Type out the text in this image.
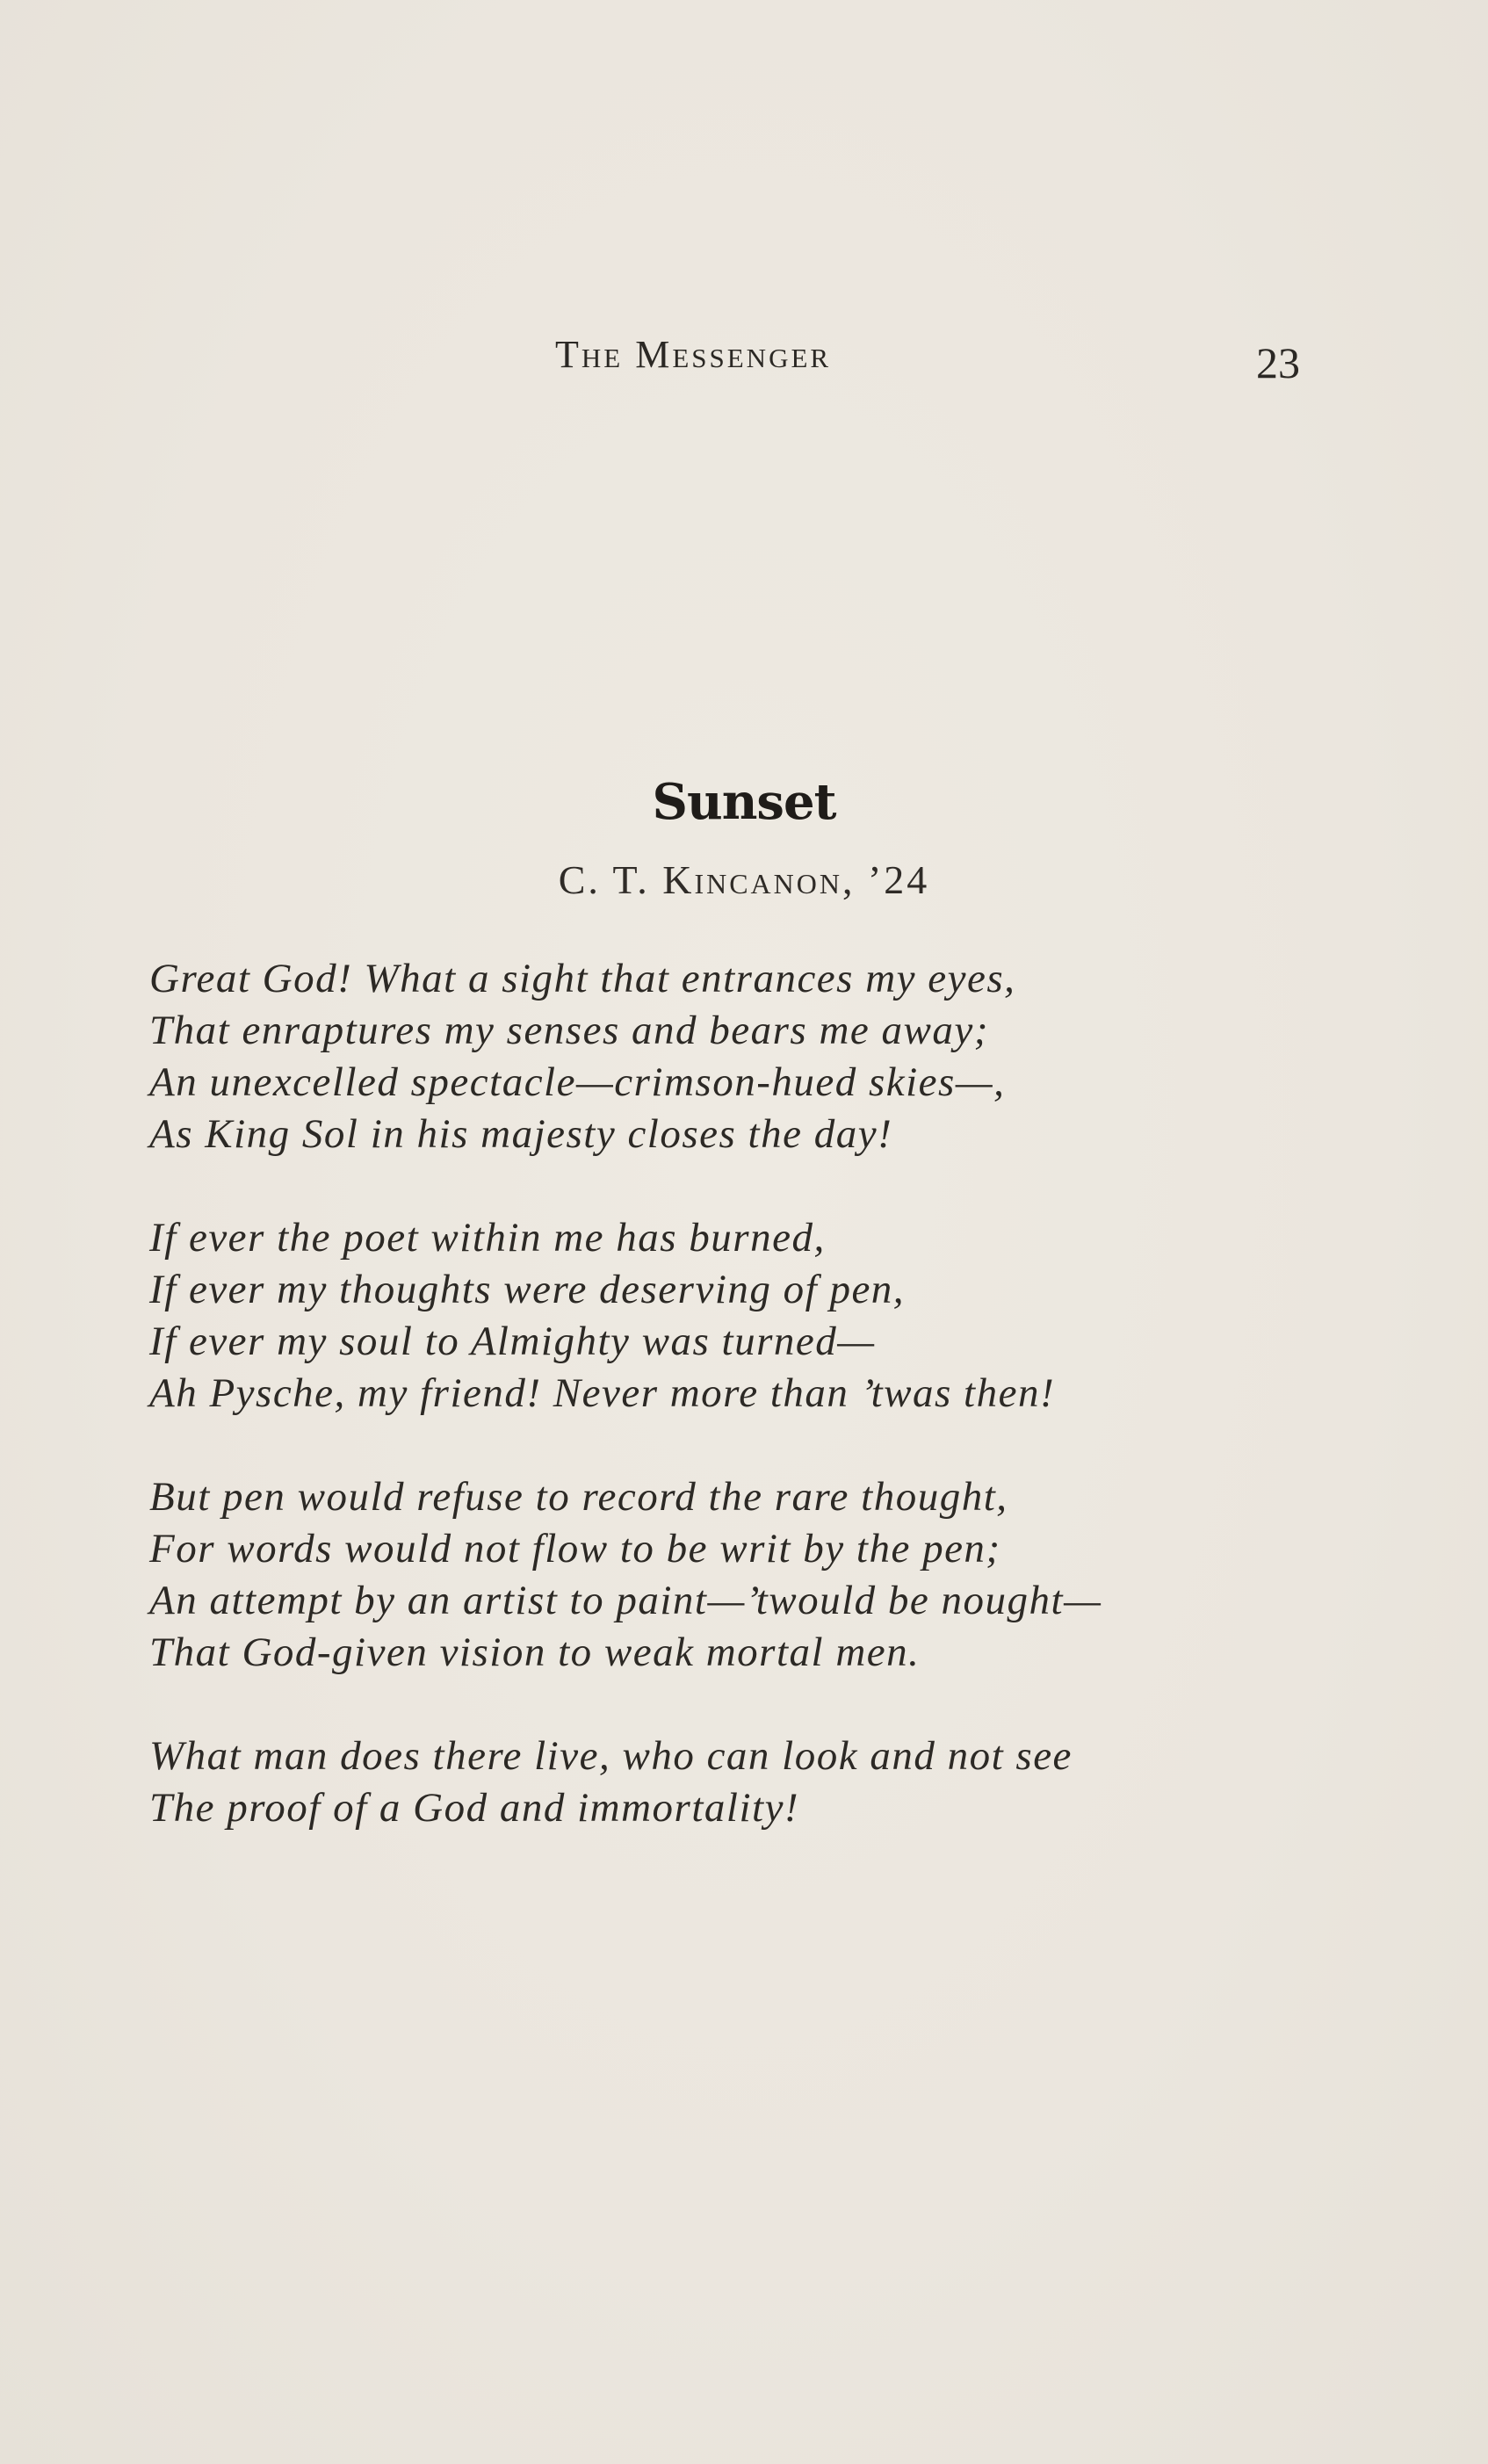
The Messenger	23
Sunset
C. T. Kincanon, ’24
Great God! What a sight that entrances my eyes,
That enraptures my senses and bears me away;
An unexcelled spectacle—crimson-hued skies—,
As King Sol in his majesty closes the day!
If ever the poet within me has burned,
If ever my thoughts were deserving of pen,
If ever my soul to Almighty was turned—
Ah Pysche, my friend! Never more than ’twas then!
But pen would refuse to record the rare thought,
For words would not flow to be writ by the pen;
An attempt by an artist to paint—’twould be nought—
That God-given vision to weak mortal men.
What man does there live, who can look and not see
The proof of a God and immortality!
